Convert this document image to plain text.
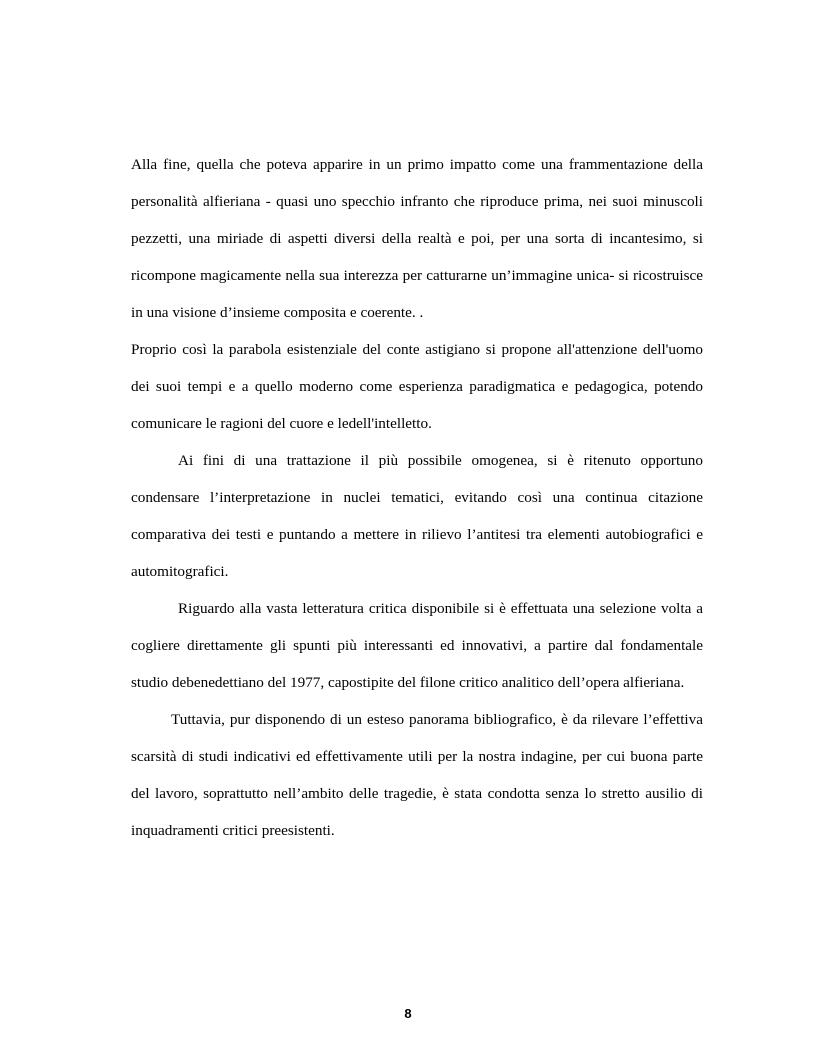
Alla fine, quella che poteva apparire in un primo impatto come una frammentazione della personalità alfieriana - quasi uno specchio infranto che riproduce prima, nei suoi minuscoli pezzetti, una miriade di aspetti diversi della realtà e poi, per una sorta di incantesimo, si ricompone magicamente nella sua interezza per catturarne un’immagine unica- si ricostruisce in una visione d’insieme composita e coerente. .

Proprio così la parabola esistenziale del conte astigiano si propone all'attenzione dell'uomo dei suoi tempi e a quello moderno come esperienza paradigmatica e pedagogica, potendo comunicare le ragioni del cuore e ledell'intelletto.

Ai fini di una trattazione il più possibile omogenea, si è ritenuto opportuno condensare l’interpretazione in nuclei tematici, evitando così una continua citazione comparativa dei testi e puntando a mettere in rilievo l’antitesi tra elementi autobiografici e automitografici.

Riguardo alla vasta letteratura critica disponibile si è effettuata una selezione volta a cogliere direttamente gli spunti più interessanti ed innovativi, a partire dal fondamentale studio debenedettiano del 1977, capostipite del filone critico analitico dell’opera alfieriana.

Tuttavia, pur disponendo di un esteso panorama bibliografico, è da rilevare l’effettiva scarsità di studi indicativi ed effettivamente utili per la nostra indagine, per cui buona parte del lavoro, soprattutto nell’ambito delle tragedie, è stata condotta senza lo stretto ausilio di inquadramenti critici preesistenti.

8
